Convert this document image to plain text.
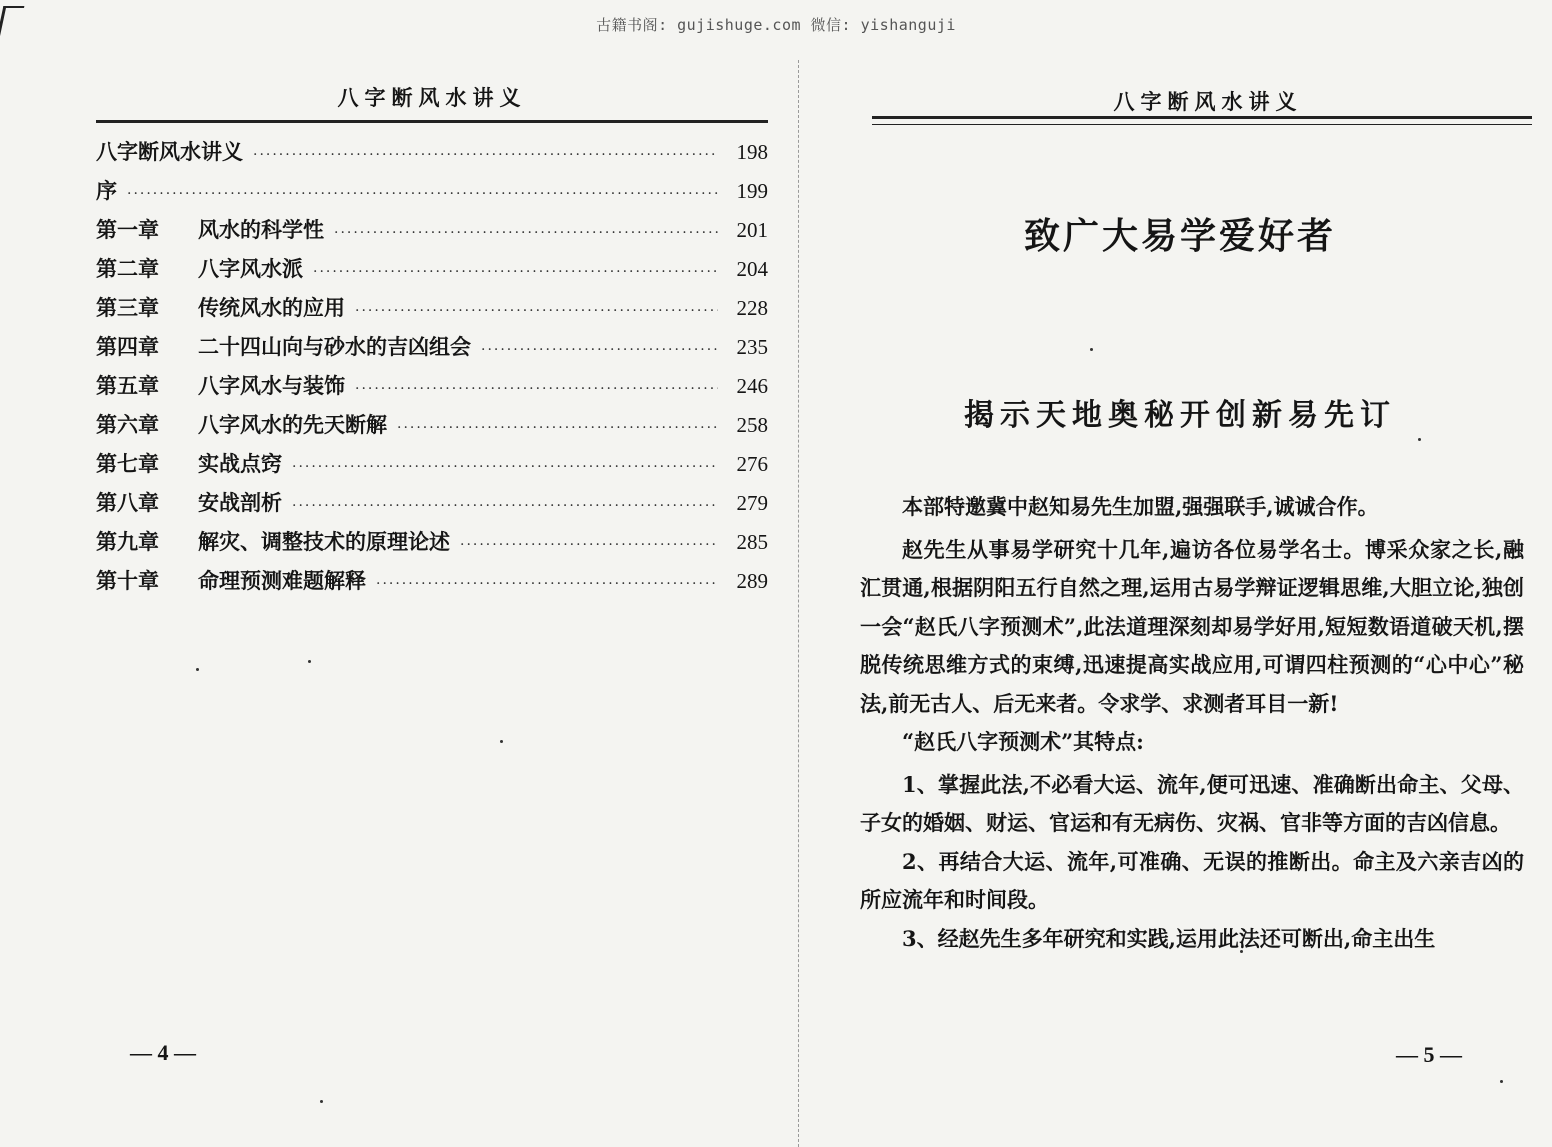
古籍书阁: gujishuge.com 微信: yishanguji
八字断风水讲义
八字断风水讲义 ·····	198
序 ·····	199
第一章	风水的科学性 ·····	201
第二章	八字风水派 ·····	204
第三章	传统风水的应用 ·····	228
第四章	二十四山向与砂水的吉凶组会 ·····	235
第五章	八字风水与装饰 ·····	246
第六章	八字风水的先天断解 ·····	258
第七章	实战点窍 ·····	276
第八章	安战剖析 ·····	279
第九章	解灾、调整技术的原理论述 ·····	285
第十章	命理预测难题解释 ·····	289
— 4 —
八字断风水讲义
致广大易学爱好者
揭示天地奥秘开创新易先订

本部特邀冀中赵知易先生加盟,强强联手,诚诚合作。

赵先生从事易学研究十几年,遍访各位易学名士。博采众家之长,融汇贯通,根据阴阳五行自然之理,运用古易学辩证逻辑思维,大胆立论,独创一会“赵氏八字预测术”,此法道理深刻却易学好用,短短数语道破天机,摆脱传统思维方式的束缚,迅速提高实战应用,可谓四柱预测的“心中心”秘法,前无古人、后无来者。令求学、求测者耳目一新!

“赵氏八字预测术”其特点:

1、掌握此法,不必看大运、流年,便可迅速、准确断出命主、父母、子女的婚姻、财运、官运和有无病伤、灾祸、官非等方面的吉凶信息。

2、再结合大运、流年,可准确、无误的推断出。命主及六亲吉凶的所应流年和时间段。

3、经赵先生多年研究和实践,运用此法还可断出,命主出生

— 5 —
